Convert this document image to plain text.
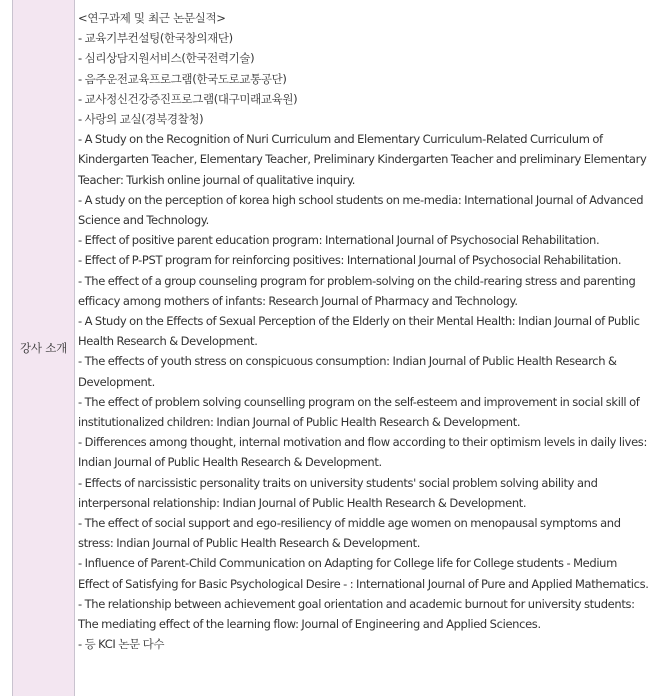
강사 소개

<연구과제 및 최근 논문실적>

- 교육기부컨설팅(한국창의재단)
- 심리상담지원서비스(한국전력기술)
- 음주운전교육프로그램(한국도로교통공단)
- 교사정신건강증진프로그램(대구미래교육원)
- 사랑의 교실(경북경찰청)
- A Study on the Recognition of Nuri Curriculum and Elementary Curriculum-Related Curriculum of Kindergarten Teacher, Elementary Teacher, Preliminary Kindergarten Teacher and preliminary Elementary Teacher: Turkish online journal of qualitative inquiry.
- A study on the perception of korea high school students on me-media: International Journal of Advanced Science and Technology.
- Effect of positive parent education program: International Journal of Psychosocial Rehabilitation.
- Effect of P-PST program for reinforcing positives: International Journal of Psychosocial Rehabilitation.
- The effect of a group counseling program for problem-solving on the child-rearing stress and parenting efficacy among mothers of infants: Research Journal of Pharmacy and Technology.
- A Study on the Effects of Sexual Perception of the Elderly on their Mental Health: Indian Journal of Public Health Research & Development.
- The effects of youth stress on conspicuous consumption: Indian Journal of Public Health Research & Development.
- The effect of problem solving counselling program on the self-esteem and improvement in social skill of institutionalized children: Indian Journal of Public Health Research & Development.
- Differences among thought, internal motivation and flow according to their optimism levels in daily lives: Indian Journal of Public Health Research & Development.
- Effects of narcissistic personality traits on university students' social problem solving ability and interpersonal relationship: Indian Journal of Public Health Research & Development.
- The effect of social support and ego-resiliency of middle age women on menopausal symptoms and stress: Indian Journal of Public Health Research & Development.
- Influence of Parent-Child Communication on Adapting for College life for College students - Medium Effect of Satisfying for Basic Psychological Desire - : International Journal of Pure and Applied Mathematics.
- The relationship between achievement goal orientation and academic burnout for university students: The mediating effect of the learning flow: Journal of Engineering and Applied Sciences.
- 등 KCI 논문 다수
